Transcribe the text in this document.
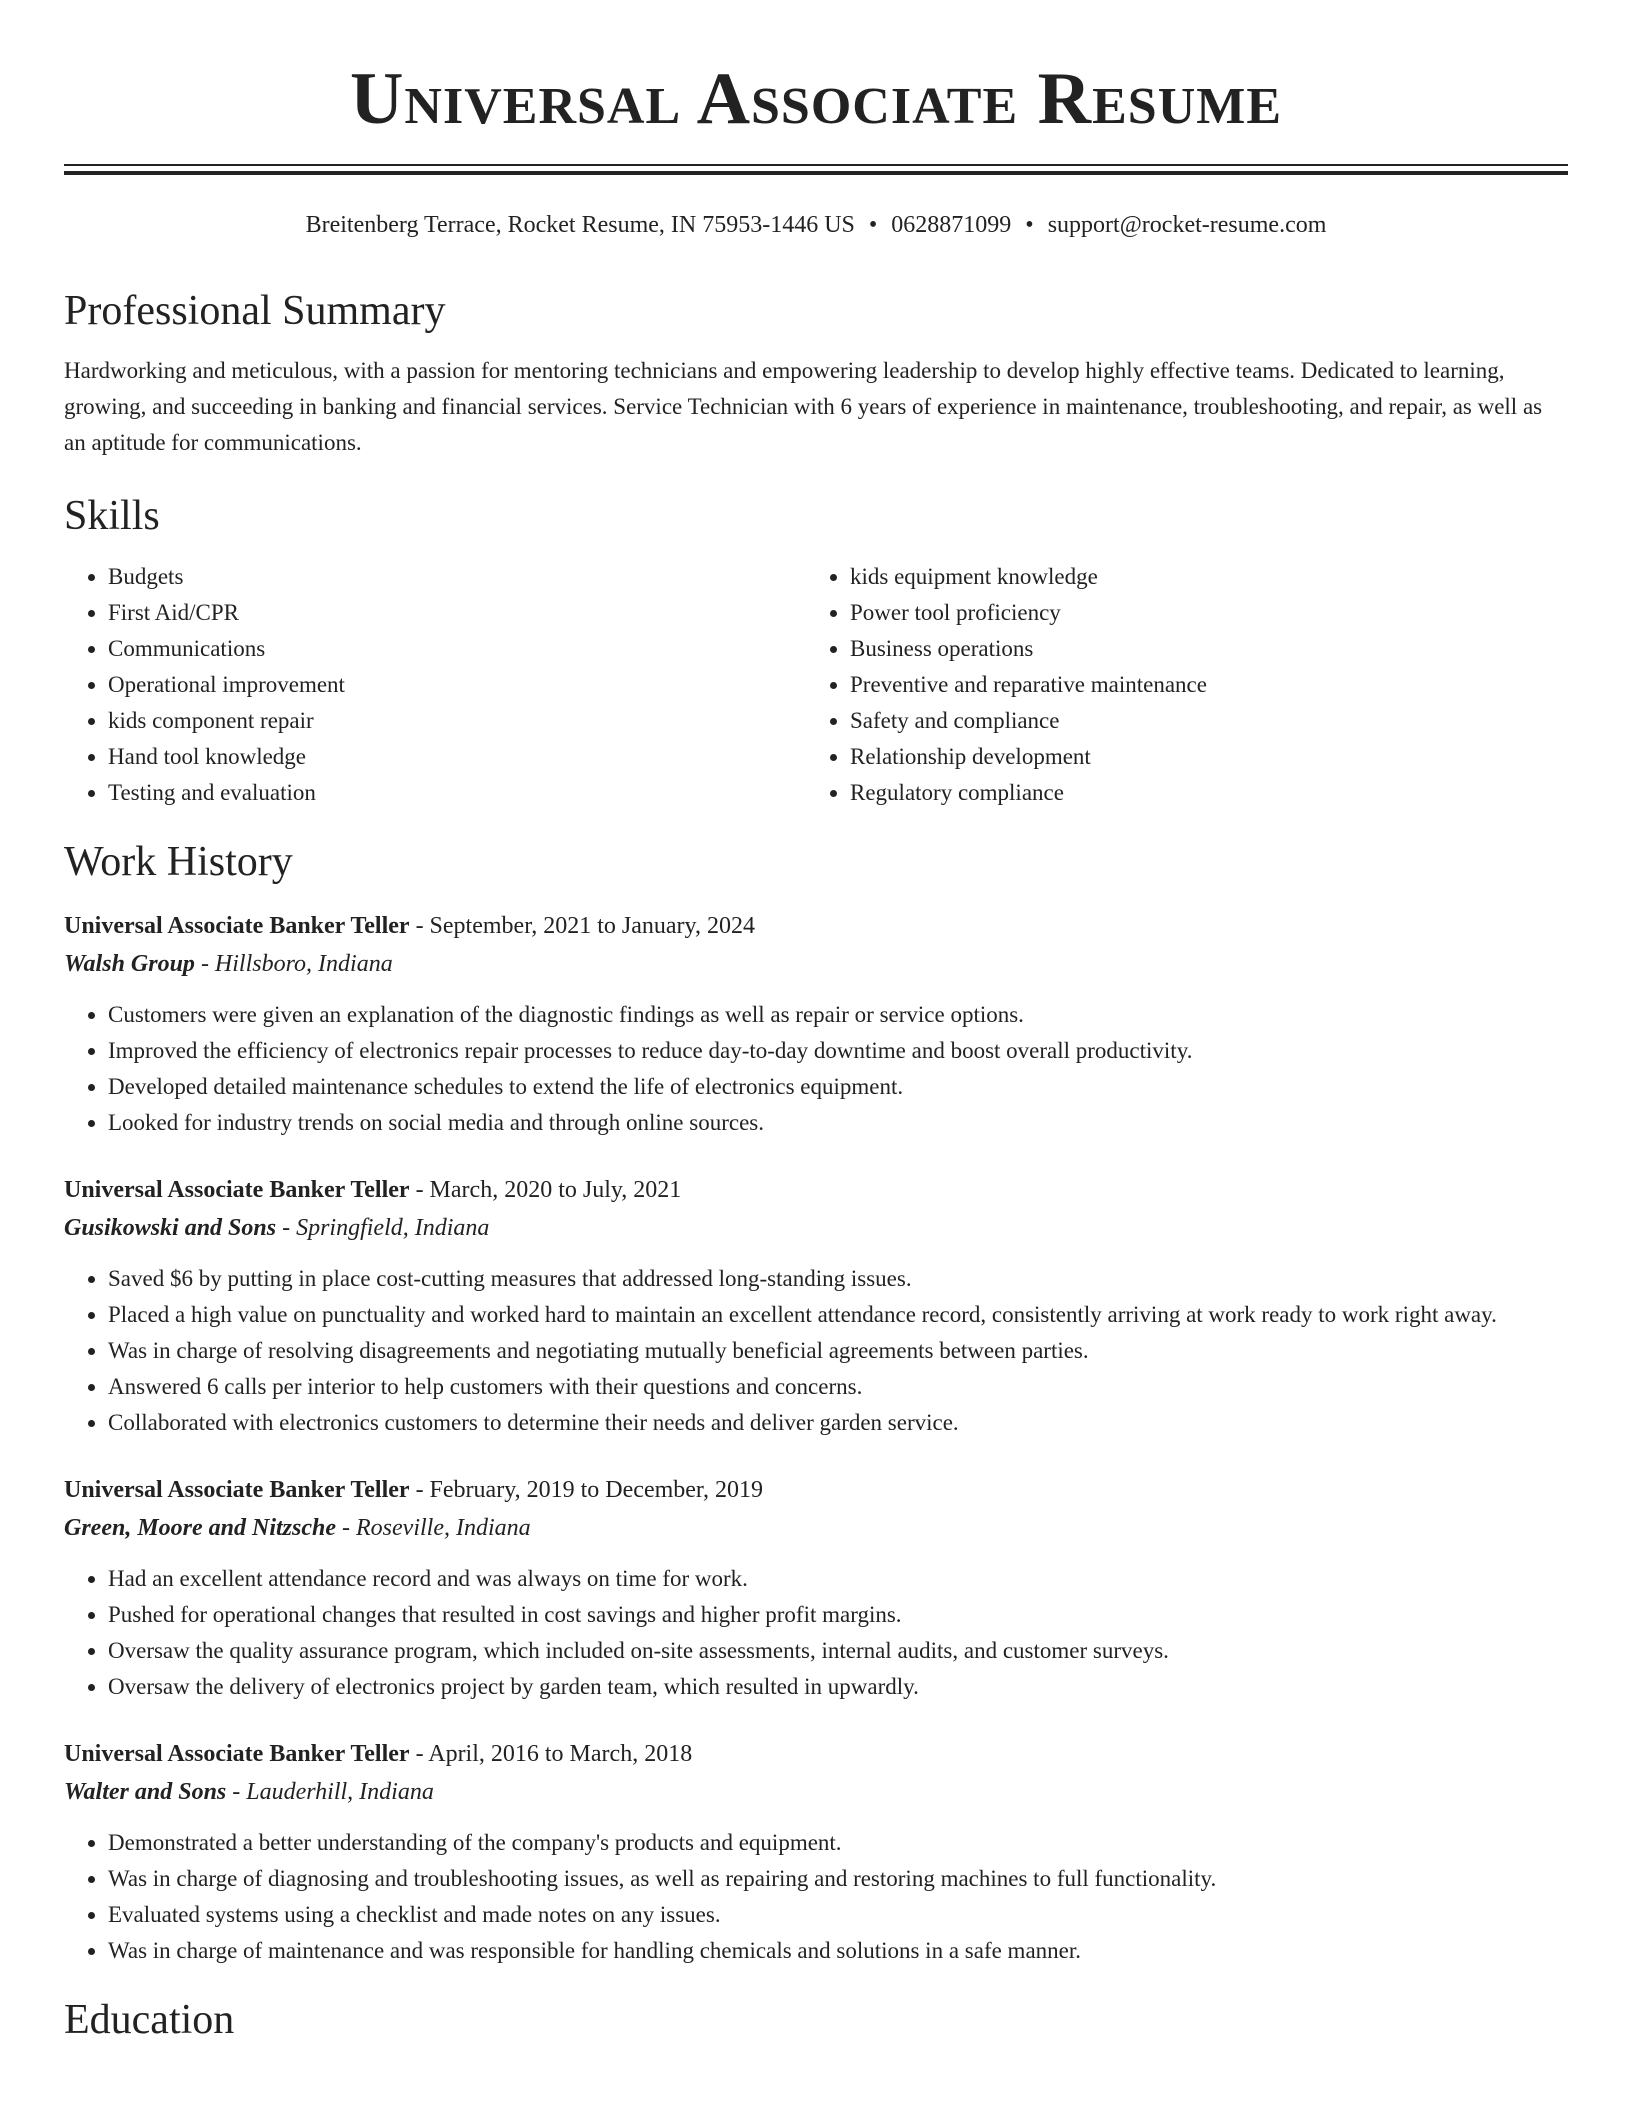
Universal Associate Resume
Breitenberg Terrace, Rocket Resume, IN 75953-1446 US • 0628871099 • support@rocket-resume.com
Professional Summary
Hardworking and meticulous, with a passion for mentoring technicians and empowering leadership to develop highly effective teams. Dedicated to learning, growing, and succeeding in banking and financial services. Service Technician with 6 years of experience in maintenance, troubleshooting, and repair, as well as an aptitude for communications.
Skills
• Budgets
• First Aid/CPR
• Communications
• Operational improvement
• kids component repair
• Hand tool knowledge
• Testing and evaluation
• kids equipment knowledge
• Power tool proficiency
• Business operations
• Preventive and reparative maintenance
• Safety and compliance
• Relationship development
• Regulatory compliance
Work History
Universal Associate Banker Teller - September, 2021 to January, 2024
Walsh Group - Hillsboro, Indiana
• Customers were given an explanation of the diagnostic findings as well as repair or service options.
• Improved the efficiency of electronics repair processes to reduce day-to-day downtime and boost overall productivity.
• Developed detailed maintenance schedules to extend the life of electronics equipment.
• Looked for industry trends on social media and through online sources.
Universal Associate Banker Teller - March, 2020 to July, 2021
Gusikowski and Sons - Springfield, Indiana
• Saved $6 by putting in place cost-cutting measures that addressed long-standing issues.
• Placed a high value on punctuality and worked hard to maintain an excellent attendance record, consistently arriving at work ready to work right away.
• Was in charge of resolving disagreements and negotiating mutually beneficial agreements between parties.
• Answered 6 calls per interior to help customers with their questions and concerns.
• Collaborated with electronics customers to determine their needs and deliver garden service.
Universal Associate Banker Teller - February, 2019 to December, 2019
Green, Moore and Nitzsche - Roseville, Indiana
• Had an excellent attendance record and was always on time for work.
• Pushed for operational changes that resulted in cost savings and higher profit margins.
• Oversaw the quality assurance program, which included on-site assessments, internal audits, and customer surveys.
• Oversaw the delivery of electronics project by garden team, which resulted in upwardly.
Universal Associate Banker Teller - April, 2016 to March, 2018
Walter and Sons - Lauderhill, Indiana
• Demonstrated a better understanding of the company's products and equipment.
• Was in charge of diagnosing and troubleshooting issues, as well as repairing and restoring machines to full functionality.
• Evaluated systems using a checklist and made notes on any issues.
• Was in charge of maintenance and was responsible for handling chemicals and solutions in a safe manner.
Education
